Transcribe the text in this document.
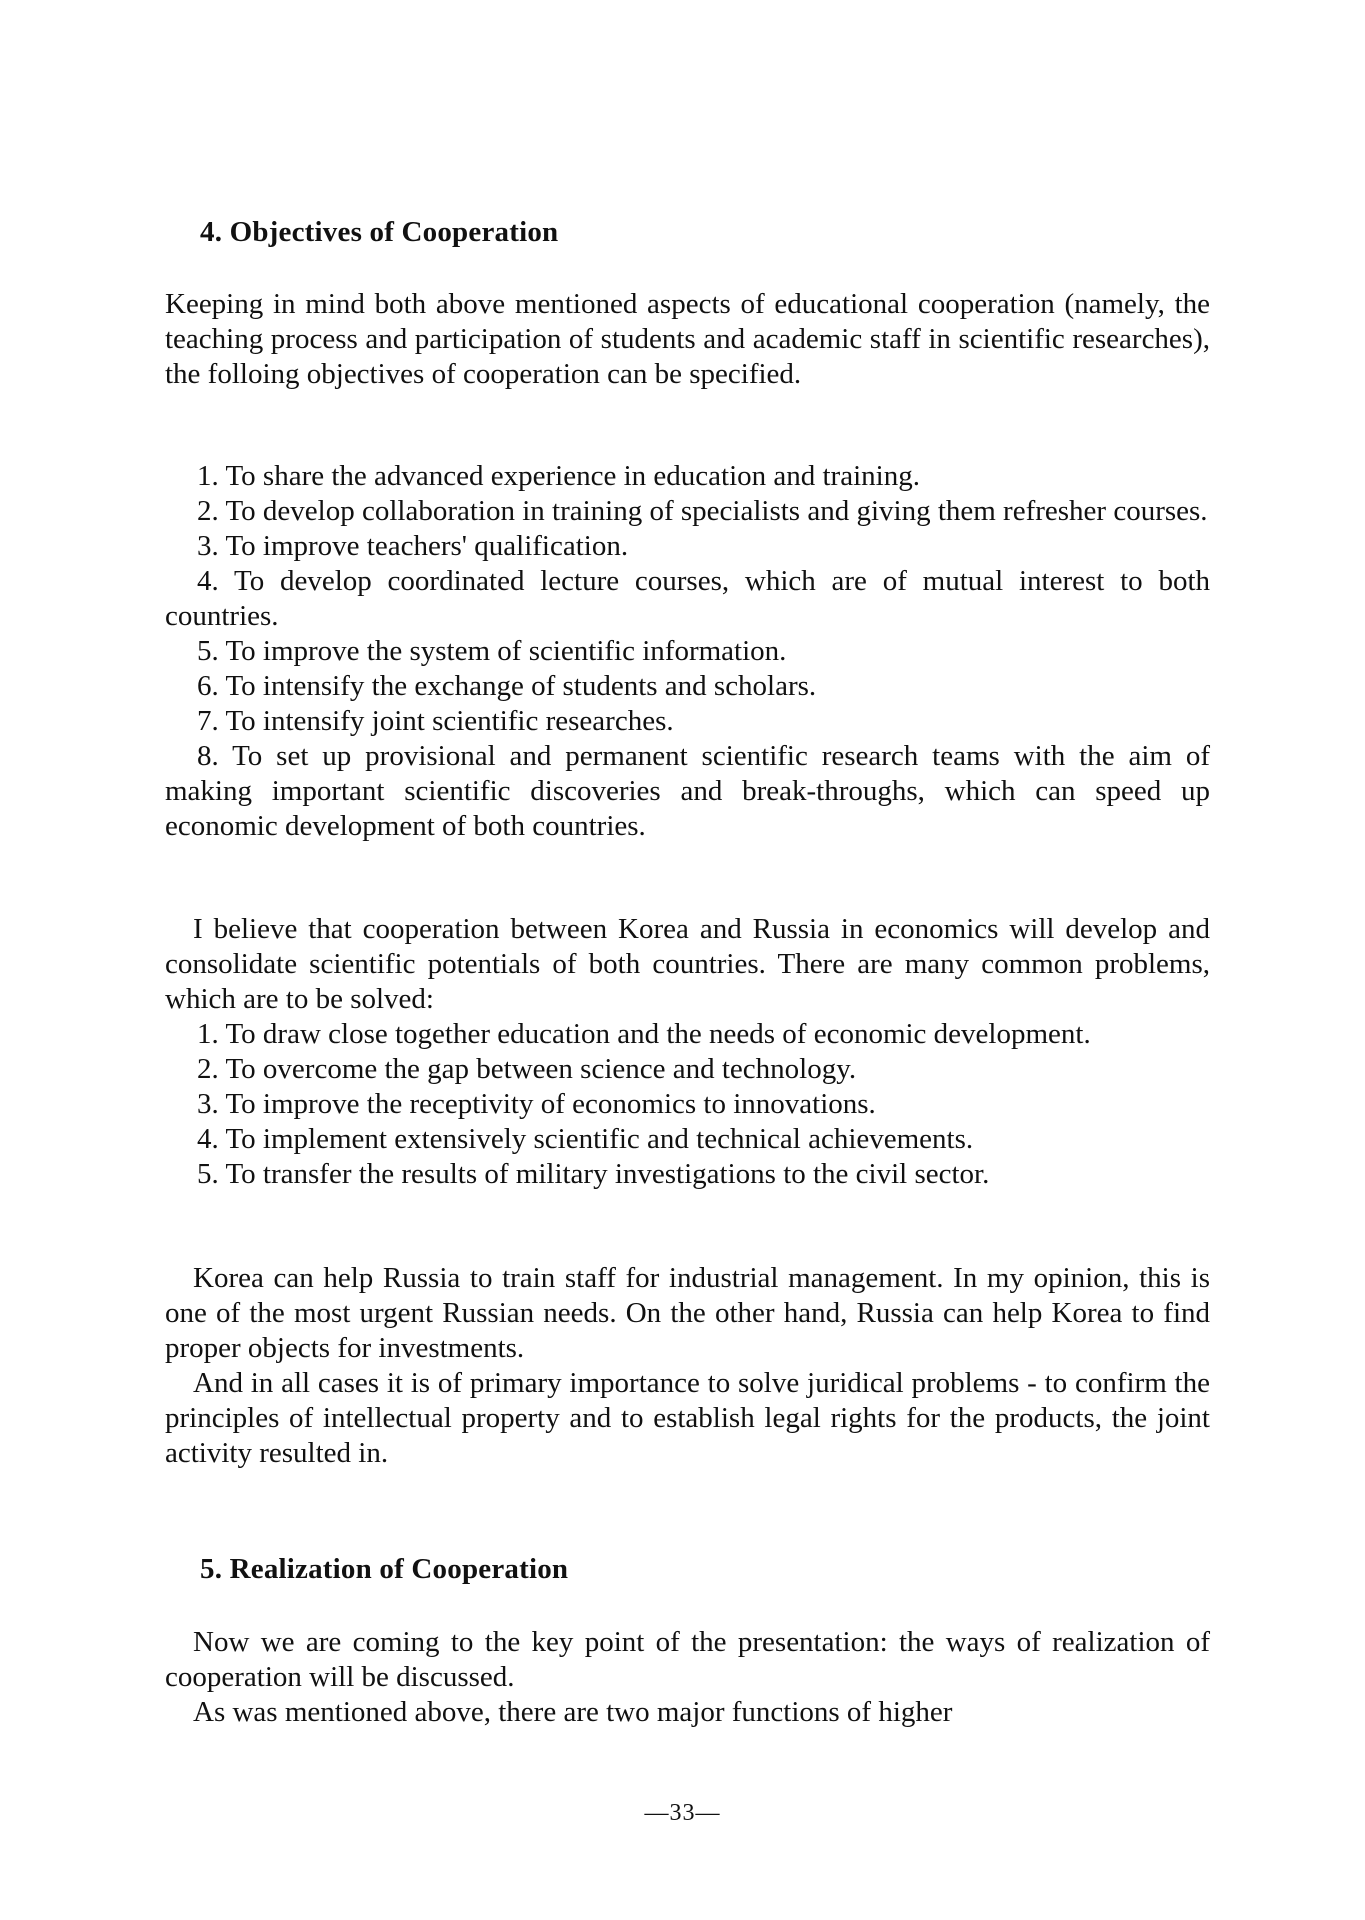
4. Objectives of Cooperation

Keeping in mind both above mentioned aspects of educational cooperation (namely, the teaching process and participation of students and academic staff in scientific researches), the folloing objectives of cooperation can be specified.

1. To share the advanced experience in education and training.

2. To develop collaboration in training of specialists and giving them refresher courses.

3. To improve teachers' qualification.

4. To develop coordinated lecture courses, which are of mutual interest to both countries.

5. To improve the system of scientific information.

6. To intensify the exchange of students and scholars.

7. To intensify joint scientific researches.

8. To set up provisional and permanent scientific research teams with the aim of making important scientific discoveries and break-throughs, which can speed up economic development of both countries.

I believe that cooperation between Korea and Russia in economics will develop and consolidate scientific potentials of both countries. There are many common problems, which are to be solved:

1. To draw close together education and the needs of economic development.

2. To overcome the gap between science and technology.

3. To improve the receptivity of economics to innovations.

4. To implement extensively scientific and technical achievements.

5. To transfer the results of military investigations to the civil sector.

Korea can help Russia to train staff for industrial management. In my opinion, this is one of the most urgent Russian needs. On the other hand, Russia can help Korea to find proper objects for investments.

And in all cases it is of primary importance to solve juridical problems - to confirm the principles of intellectual property and to establish legal rights for the products, the joint activity resulted in.

5. Realization of Cooperation

Now we are coming to the key point of the presentation: the ways of realization of cooperation will be discussed.

As was mentioned above, there are two major functions of higher

—33—
